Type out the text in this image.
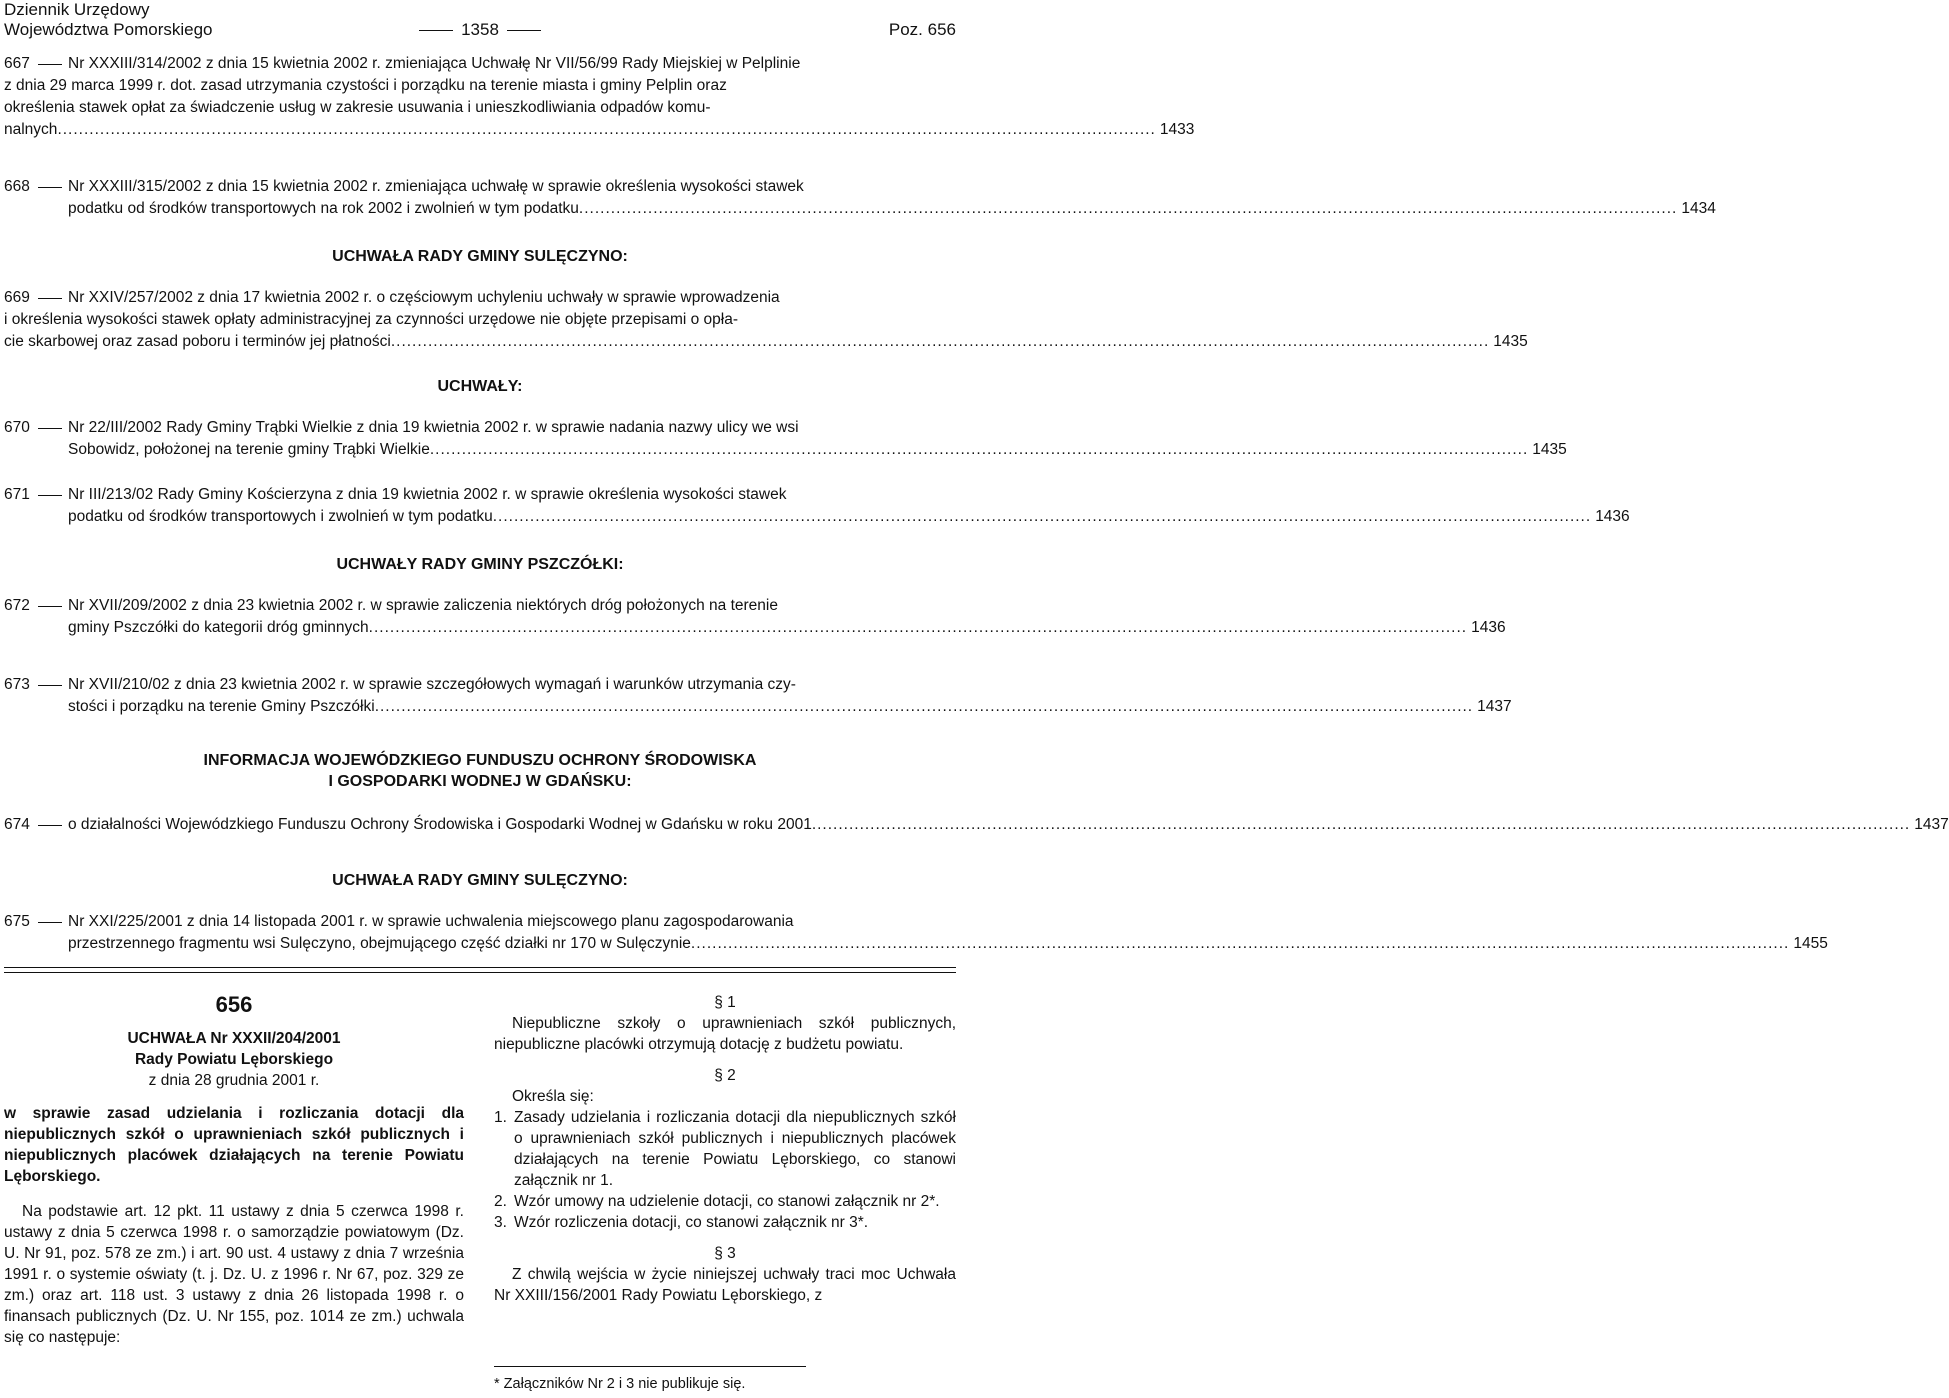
Dziennik Urzędowy
Województwa Pomorskiego	Poz. 656
1358
667	Nr XXXIII/314/2002 z dnia 15 kwietnia 2002 r. zmieniająca Uchwałę Nr VII/56/99 Rady Miejskiej w Pelplinie
z dnia 29 marca 1999 r. dot. zasad utrzymania czystości i porządku na terenie miasta i gminy Pelplin oraz
określenia stawek opłat za świadczenie usług w zakresie usuwania i unieszkodliwiania odpadów komu-
nalnych ............................................................................................................................................................................................................... 1433
668 Nr XXXIII/315/2002 z dnia 15 kwietnia 2002 r. zmieniająca uchwałę w sprawie określenia wysokości stawek
podatku od środków transportowych na rok 2002 i zwolnień w tym podatku ............................................................................................................................................................................................................... 1434
UCHWAŁA RADY GMINY SULĘCZYNO:
669	Nr XXIV/257/2002 z dnia 17 kwietnia 2002 r. o częściowym uchyleniu uchwały w sprawie wprowadzenia
i określenia wysokości stawek opłaty administracyjnej za czynności urzędowe nie objęte przepisami o opła-
cie skarbowej oraz zasad poboru i terminów jej płatności ............................................................................................................................................................................................................... 1435
UCHWAŁY:
670 Nr 22/III/2002 Rady Gminy Trąbki Wielkie z dnia 19 kwietnia 2002 r. w sprawie nadania nazwy ulicy we wsi
Sobowidz, położonej na terenie gminy Trąbki Wielkie ............................................................................................................................................................................................................... 1435
671 Nr III/213/02 Rady Gminy Kościerzyna z dnia 19 kwietnia 2002 r. w sprawie określenia wysokości stawek
podatku od środków transportowych i zwolnień w tym podatku ............................................................................................................................................................................................................... 1436
UCHWAŁY RADY GMINY PSZCZÓŁKI:
672 Nr XVII/209/2002 z dnia 23 kwietnia 2002 r. w sprawie zaliczenia niektórych dróg położonych na terenie
gminy Pszczółki do kategorii dróg gminnych ............................................................................................................................................................................................................... 1436
673 Nr XVII/210/02 z dnia 23 kwietnia 2002 r. w sprawie szczegółowych wymagań i warunków utrzymania czy-
stości i porządku na terenie Gminy Pszczółki ............................................................................................................................................................................................................... 1437
INFORMACJA WOJEWÓDZKIEGO FUNDUSZU OCHRONY ŚRODOWISKA
I GOSPODARKI WODNEJ W GDAŃSKU:
674 o działalności Wojewódzkiego Funduszu Ochrony Środowiska i Gospodarki Wodnej w Gdańsku w roku 2001 ............................................................................................................................................................................................................... 1437
UCHWAŁA RADY GMINY SULĘCZYNO:
675 Nr XXI/225/2001 z dnia 14 listopada 2001 r. w sprawie uchwalenia miejscowego planu zagospodarowania
przestrzennego fragmentu wsi Sulęczyno, obejmującego część działki nr 170 w Sulęczynie ............................................................................................................................................................................................................... 1455
656
UCHWAŁA Nr XXXII/204/2001
Rady Powiatu Lęborskiego
z dnia 28 grudnia 2001 r.
w sprawie zasad udzielania i rozliczania dotacji dla niepublicznych szkół o uprawnieniach szkół publicznych i niepublicznych placówek działających na terenie Powiatu Lęborskiego.
Na podstawie art. 12 pkt. 11 ustawy z dnia 5 czerwca 1998 r. ustawy z dnia 5 czerwca 1998 r. o samorządzie powiatowym (Dz. U. Nr 91, poz. 578 ze zm.) i art. 90 ust. 4 ustawy z dnia 7 września 1991 r. o systemie oświaty (t. j. Dz. U. z 1996 r. Nr 67, poz. 329 ze zm.) oraz art. 118 ust. 3 ustawy z dnia 26 listopada 1998 r. o finansach publicznych (Dz. U. Nr 155, poz. 1014 ze zm.) uchwala się co następuje:
§ 1
Niepubliczne szkoły o uprawnieniach szkół publicznych, niepubliczne placówki otrzymują dotację z budżetu powiatu.
§ 2
Określa się:
1. Zasady udzielania i rozliczania dotacji dla niepublicznych szkół o uprawnieniach szkół publicznych i niepublicznych placówek działających na terenie Powiatu Lęborskiego, co stanowi załącznik nr 1.
2. Wzór umowy na udzielenie dotacji, co stanowi załącznik nr 2*.
3. Wzór rozliczenia dotacji, co stanowi załącznik nr 3*.
§ 3
Z chwilą wejścia w życie niniejszej uchwały traci moc Uchwała Nr XXIII/156/2001 Rady Powiatu Lęborskiego, z
* Załączników Nr 2 i 3 nie publikuje się.
